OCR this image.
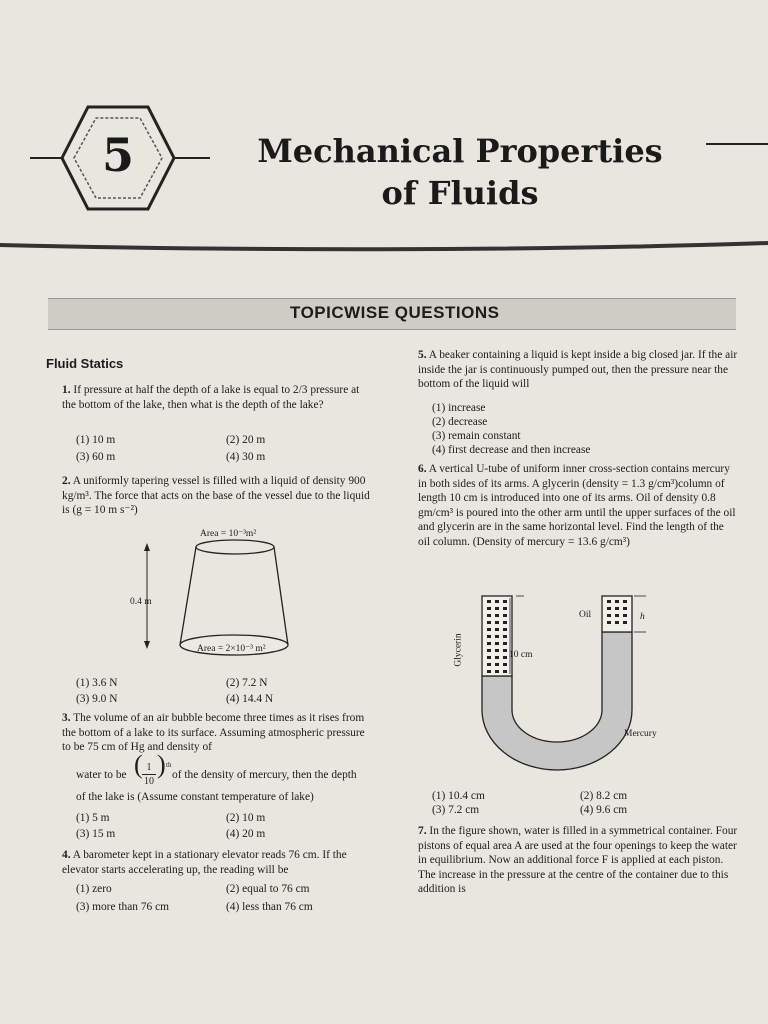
5	Mechanical Properties
of Fluids
TOPICWISE QUESTIONS
Fluid Statics
1. If pressure at half the depth of a lake is equal to 2/3 pressure at the bottom of the lake, then what is the depth of the lake?
(1) 10 m	(2) 20 m
(3) 60 m	(4) 30 m
2. A uniformly tapering vessel is filled with a liquid of density 900 kg/m³. The force that acts on the base of the vessel due to the liquid is (g = 10 m s⁻²)
Area = 10⁻³m²
0.4 m
Area = 2×10⁻³ m²
(1) 3.6 N	(2) 7.2 N
(3) 9.0 N	(4) 14.4 N
3. The volume of an air bubble become three times as it rises from the bottom of a lake to its surface. Assuming atmospheric pressure to be 75 cm of Hg and density of
water to be ( 1
10
) th
of the density of mercury, then the depth
of the lake is (Assume constant temperature of lake)
(1) 5 m	(2) 10 m
(3) 15 m	(4) 20 m
4. A barometer kept in a stationary elevator reads 76 cm. If the elevator starts accelerating up, the reading will be
(1) zero	(2) equal to 76 cm
(3) more than 76 cm	(4) less than 76 cm
5. A beaker containing a liquid is kept inside a big closed jar. If the air inside the jar is continuously pumped out, then the pressure near the bottom of the liquid will
(1) increase
(2) decrease
(3) remain constant
(4) first decrease and then increase
6. A vertical U-tube of uniform inner cross-section contains mercury in both sides of its arms. A glycerin (density = 1.3 g/cm³)column of length 10 cm is introduced into one of its arms. Oil of density 0.8 gm/cm³ is poured into the other arm until the upper surfaces of the oil and glycerin are in the same horizontal level. Find the length of the oil column. (Density of mercury = 13.6 g/cm³)
Oil	h
Glycerin	10 cm
Mercury
(1) 10.4 cm	(2) 8.2 cm
(3) 7.2 cm	(4) 9.6 cm
7. In the figure shown, water is filled in a symmetrical container. Four pistons of equal area A are used at the four openings to keep the water in equilibrium. Now an additional force F is applied at each piston. The increase in the pressure at the centre of the container due to this addition is
